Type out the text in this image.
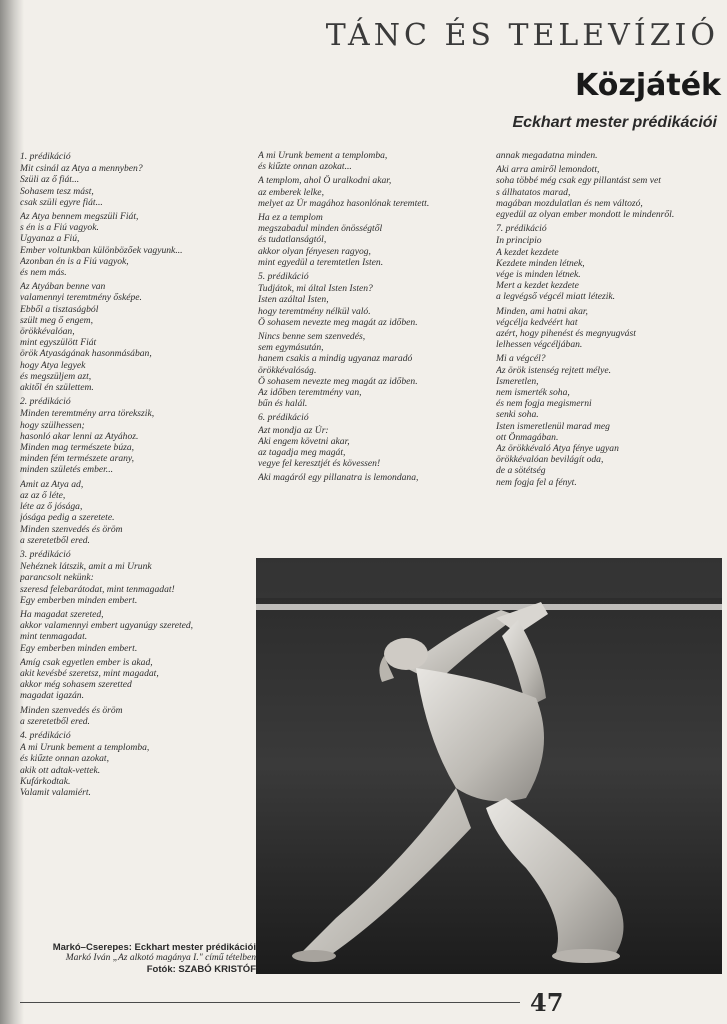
TÁNC ÉS TELEVÍZIÓ
Közjáték
Eckhart mester prédikációi
1. prédikáció
Mit csinál az Atya a mennyben?
Szüli az ő fiát...
Sohasem tesz mást,
csak szüli egyre fiát...
Az Atya bennem megszüli Fiát,
s én is a Fiú vagyok.
Ugyanaz a Fiú,
Ember voltunkban különbözőek vagyunk...
Azonban én is a Fiú vagyok,
és nem más.
Az Atyában benne van
valamennyi teremtmény ősképe.
Ebből a tisztaságból
szült meg ő engem,
örökkévalóan,
mint egyszülött Fiát
örök Atyaságának hasonmásában,
hogy Atya legyek
és megszüljem azt,
akitől én születtem.
2. prédikáció
Minden teremtmény arra törekszik,
hogy szülhessen;
hasonló akar lenni az Atyához.
Minden mag természete búza,
minden fém természete arany,
minden születés ember...
Amit az Atya ad,
az az ő léte,
léte az ő jósága,
jósága pedig a szeretete.
Minden szenvedés és öröm
a szeretetből ered.
3. prédikáció
Nehéznek látszik, amit a mi Urunk
parancsolt nekünk:
szeresd felebarátodat, mint tenmagadat!
Egy emberben minden embert.
Ha magadat szereted,
akkor valamennyi embert ugyanúgy szereted,
mint tenmagadat.
Egy emberben minden embert.
Amíg csak egyetlen ember is akad,
akit kevésbé szeretsz, mint magadat,
akkor még sohasem szeretted
magadat igazán.
Minden szenvedés és öröm
a szeretetből ered.
4. prédikáció
A mi Urunk bement a templomba,
és kiűzte onnan azokat,
akik ott adtak-vettek.
Kufárkodtak.
Valamit valamiért.
A mi Urunk bement a templomba,
és kiűzte onnan azokat...
A templom, ahol Ő uralkodni akar,
az emberek lelke,
melyet az Úr magához hasonlónak teremtett.
Ha ez a templom
megszabadul minden önösségtől
és tudatlanságtól,
akkor olyan fényesen ragyog,
mint egyedül a teremtetlen Isten.
5. prédikáció
Tudjátok, mi által Isten Isten?
Isten azáltal Isten,
hogy teremtmény nélkül való.
Ő sohasem nevezte meg magát az időben.
Nincs benne sem szenvedés,
sem egymásután,
hanem csakis a mindig ugyanaz maradó
örökkévalóság.
Ő sohasem nevezte meg magát az időben.
Az időben teremtmény van,
bűn és halál.
6. prédikáció
Azt mondja az Úr:
Aki engem követni akar,
az tagadja meg magát,
vegye fel keresztjét és kövessen!
Aki magáról egy pillanatra is lemondana,
annak megadatna minden.
Aki arra amiről lemondott,
soha többé még csak egy pillantást sem vet
s állhatatos marad,
magában mozdulatlan és nem változó,
egyedül az olyan ember mondott le mindenről.
7. prédikáció
In principio
A kezdet kezdete
Kezdete minden létnek,
vége is minden létnek.
Mert a kezdet kezdete
a legvégső végcél miatt létezik.
Minden, ami hatni akar,
végcélja kedvéért hat
azért, hogy pihenést és megnyugvást
lelhessen végcéljában.
Mi a végcél?
Az örök istenség rejtett mélye.
Ismeretlen,
nem ismerték soha,
és nem fogja megismerni
senki soha.
Isten ismeretlenül marad meg
ott Önmagában.
Az örökkévaló Atya fénye ugyan
örökkévalóan bevilágít oda,
de a sötétség
nem fogja fel a fényt.
Markó–Cserepes: Eckhart mester prédikációi
Markó Iván „Az alkotó magánya I." című tételben
Fotók: SZABÓ KRISTÓF
47
